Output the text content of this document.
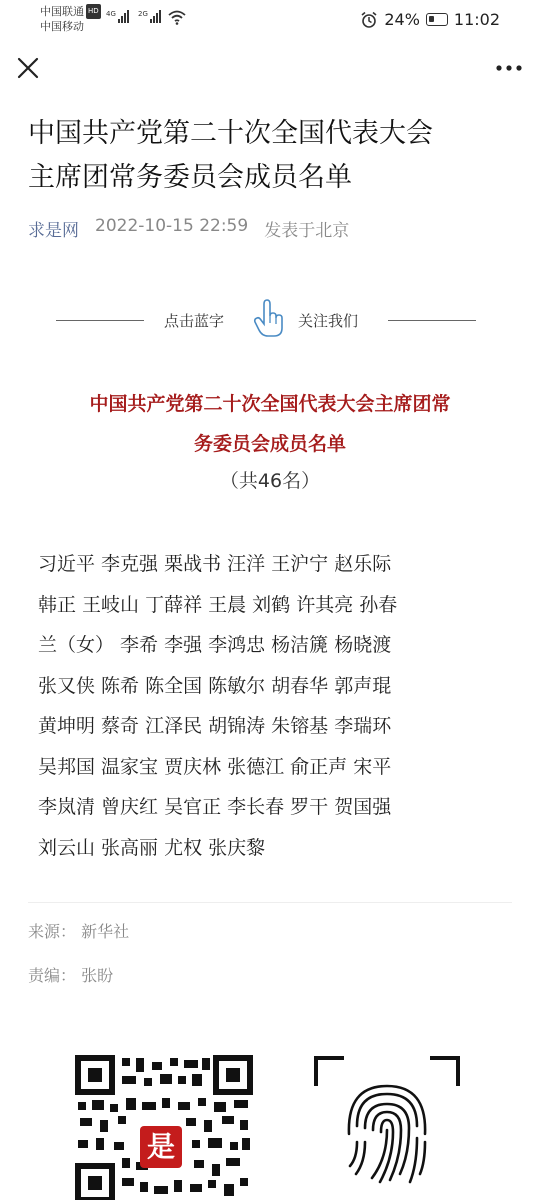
中国联通 HD
中国移动
4G	2G	24% 11:02
中国共产党第二十次全国代表大会
主席团常务委员会成员名单
求是网 2022-10-15 22:59 发表于北京
点击蓝字	关注我们
中国共产党第二十次全国代表大会主席团常
务委员会成员名单
（共46名）
习近平 李克强 栗战书 汪洋 王沪宁 赵乐际
韩正 王岐山 丁薛祥 王晨 刘鹤 许其亮 孙春
兰（女） 李希 李强 李鸿忠 杨洁篪 杨晓渡
张又侠 陈希 陈全国 陈敏尔 胡春华 郭声琨
黄坤明 蔡奇 江泽民 胡锦涛 朱镕基 李瑞环
吴邦国 温家宝 贾庆林 张德江 俞正声 宋平
李岚清 曾庆红 吴官正 李长春 罗干 贺国强
刘云山 张高丽 尤权 张庆黎
来源： 新华社
责编： 张盼
是
